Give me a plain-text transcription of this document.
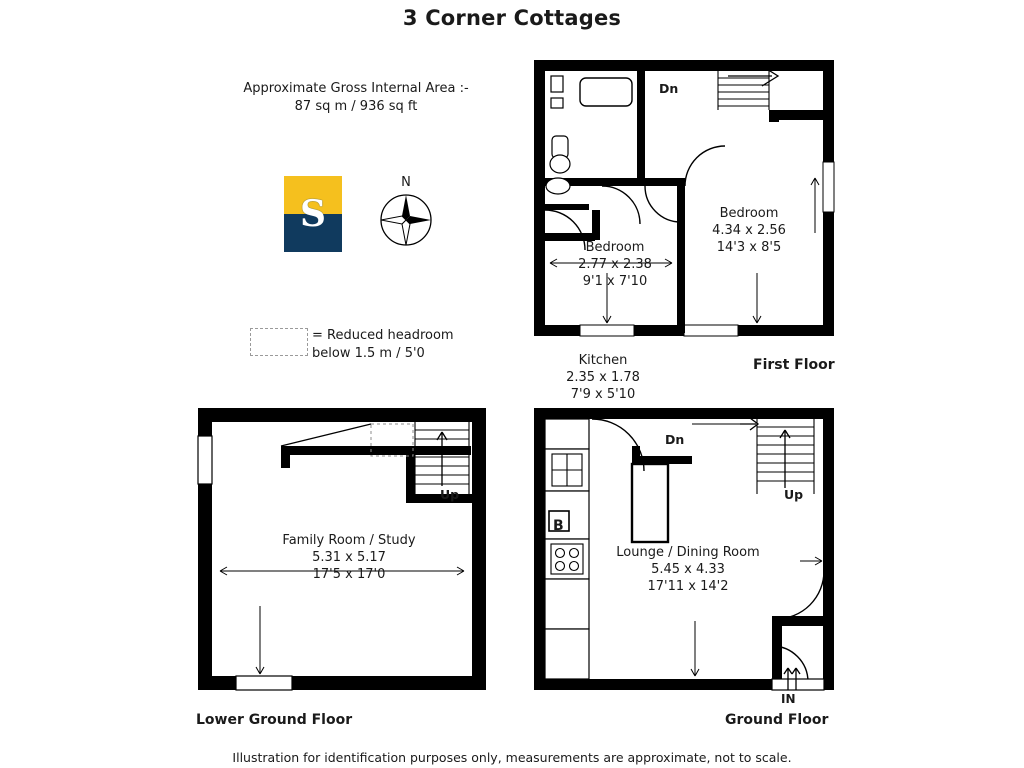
3 Corner Cottages
Approximate Gross Internal Area :-
87 sq m / 936 sq ft
S
N
= Reduced headroom
below 1.5 m / 5'0
Bedroom
4.34 x 2.56
14'3 x 8'5
Bedroom
2.77 x 2.38
9'1 x 7'10
Dn
First Floor
Kitchen
2.35 x 1.78
7'9 x 5'10
Family Room / Study
5.31 x 5.17
17'5 x 17'0
Up
Lower Ground Floor
Lounge / Dining Room
5.45 x 4.33
17'11 x 14'2
Dn
Up
B
IN
Ground Floor
Illustration for identification purposes only, measurements are approximate, not to scale.
